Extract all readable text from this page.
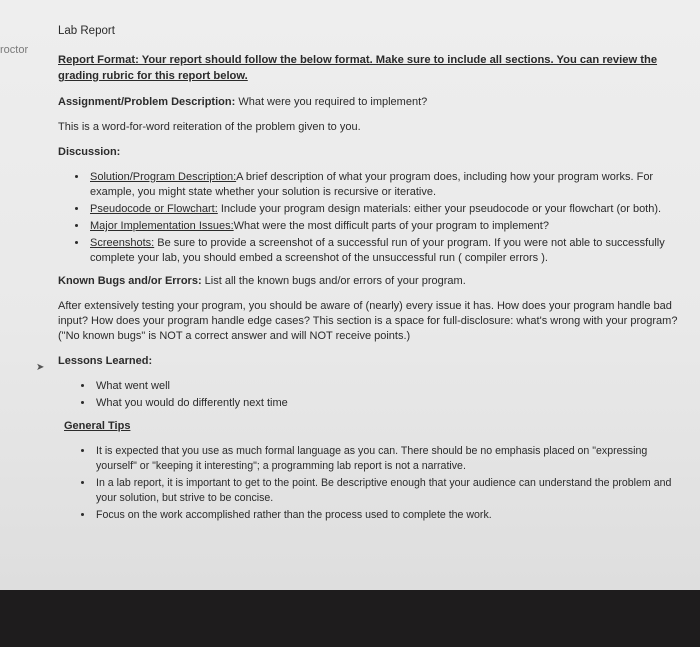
roctor
➤
Lab Report
Report Format: Your report should follow the below format. Make sure to include all sections. You can review the grading rubric for this report below.
Assignment/Problem Description: What were you required to implement?
This is a word-for-word reiteration of the problem given to you.
Discussion:
• Solution/Program Description:A brief description of what your program does, including how your program works. For example, you might state whether your solution is recursive or iterative.
• Pseudocode or Flowchart: Include your program design materials: either your pseudocode or your flowchart (or both).
• Major Implementation Issues:What were the most difficult parts of your program to implement?
• Screenshots: Be sure to provide a screenshot of a successful run of your program. If you were not able to successfully complete your lab, you should embed a screenshot of the unsuccessful run ( compiler errors ).
Known Bugs and/or Errors: List all the known bugs and/or errors of your program.
After extensively testing your program, you should be aware of (nearly) every issue it has. How does your program handle bad input? How does your program handle edge cases? This section is a space for full-disclosure: what's wrong with your program? ("No known bugs" is NOT a correct answer and will NOT receive points.)
Lessons Learned:
• What went well
• What you would do differently next time
General Tips
• It is expected that you use as much formal language as you can. There should be no emphasis placed on "expressing yourself" or "keeping it interesting"; a programming lab report is not a narrative.
• In a lab report, it is important to get to the point. Be descriptive enough that your audience can understand the problem and your solution, but strive to be concise.
• Focus on the work accomplished rather than the process used to complete the work.
